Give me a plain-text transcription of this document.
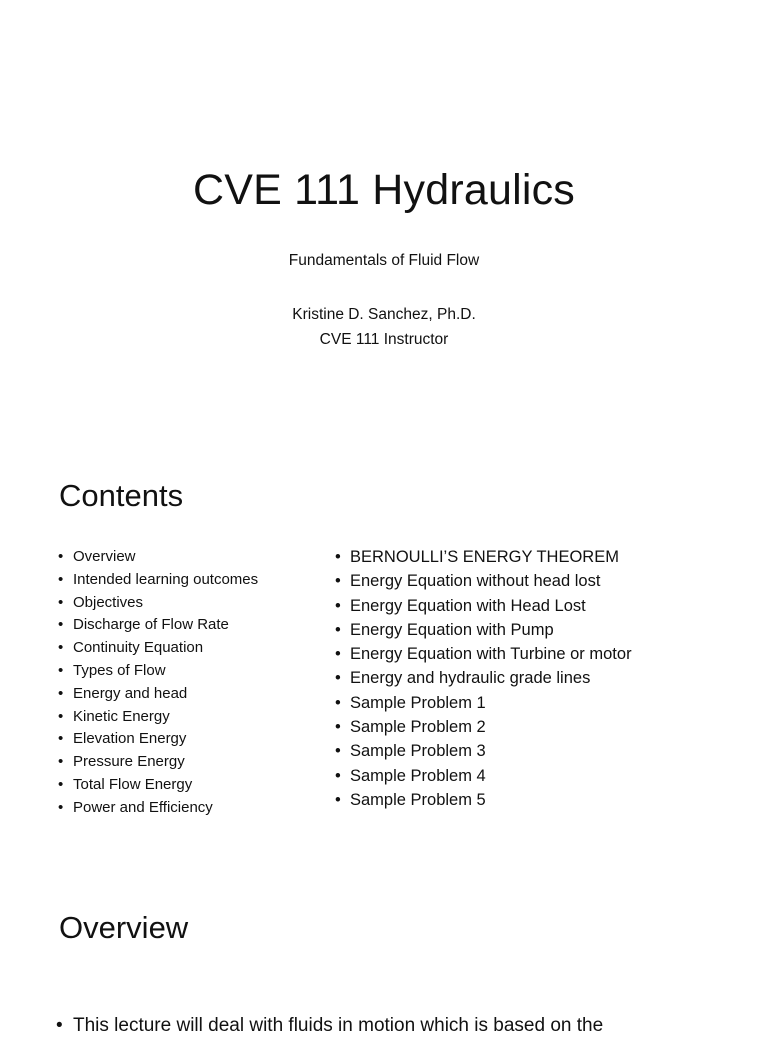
CVE 111 Hydraulics
Fundamentals of Fluid Flow
Kristine D. Sanchez, Ph.D.
CVE 111 Instructor
Contents
• Overview
• Intended learning outcomes
• Objectives
• Discharge of Flow Rate
• Continuity Equation
• Types of Flow
• Energy and head
• Kinetic Energy
• Elevation Energy
• Pressure Energy
• Total Flow Energy
• Power and Efficiency
• BERNOULLI’S ENERGY THEOREM
• Energy Equation without head lost
• Energy Equation with Head Lost
• Energy Equation with Pump
• Energy Equation with Turbine or motor
• Energy and hydraulic grade lines
• Sample Problem 1
• Sample Problem 2
• Sample Problem 3
• Sample Problem 4
• Sample Problem 5
Overview
• This lecture will deal with fluids in motion which is based on the
